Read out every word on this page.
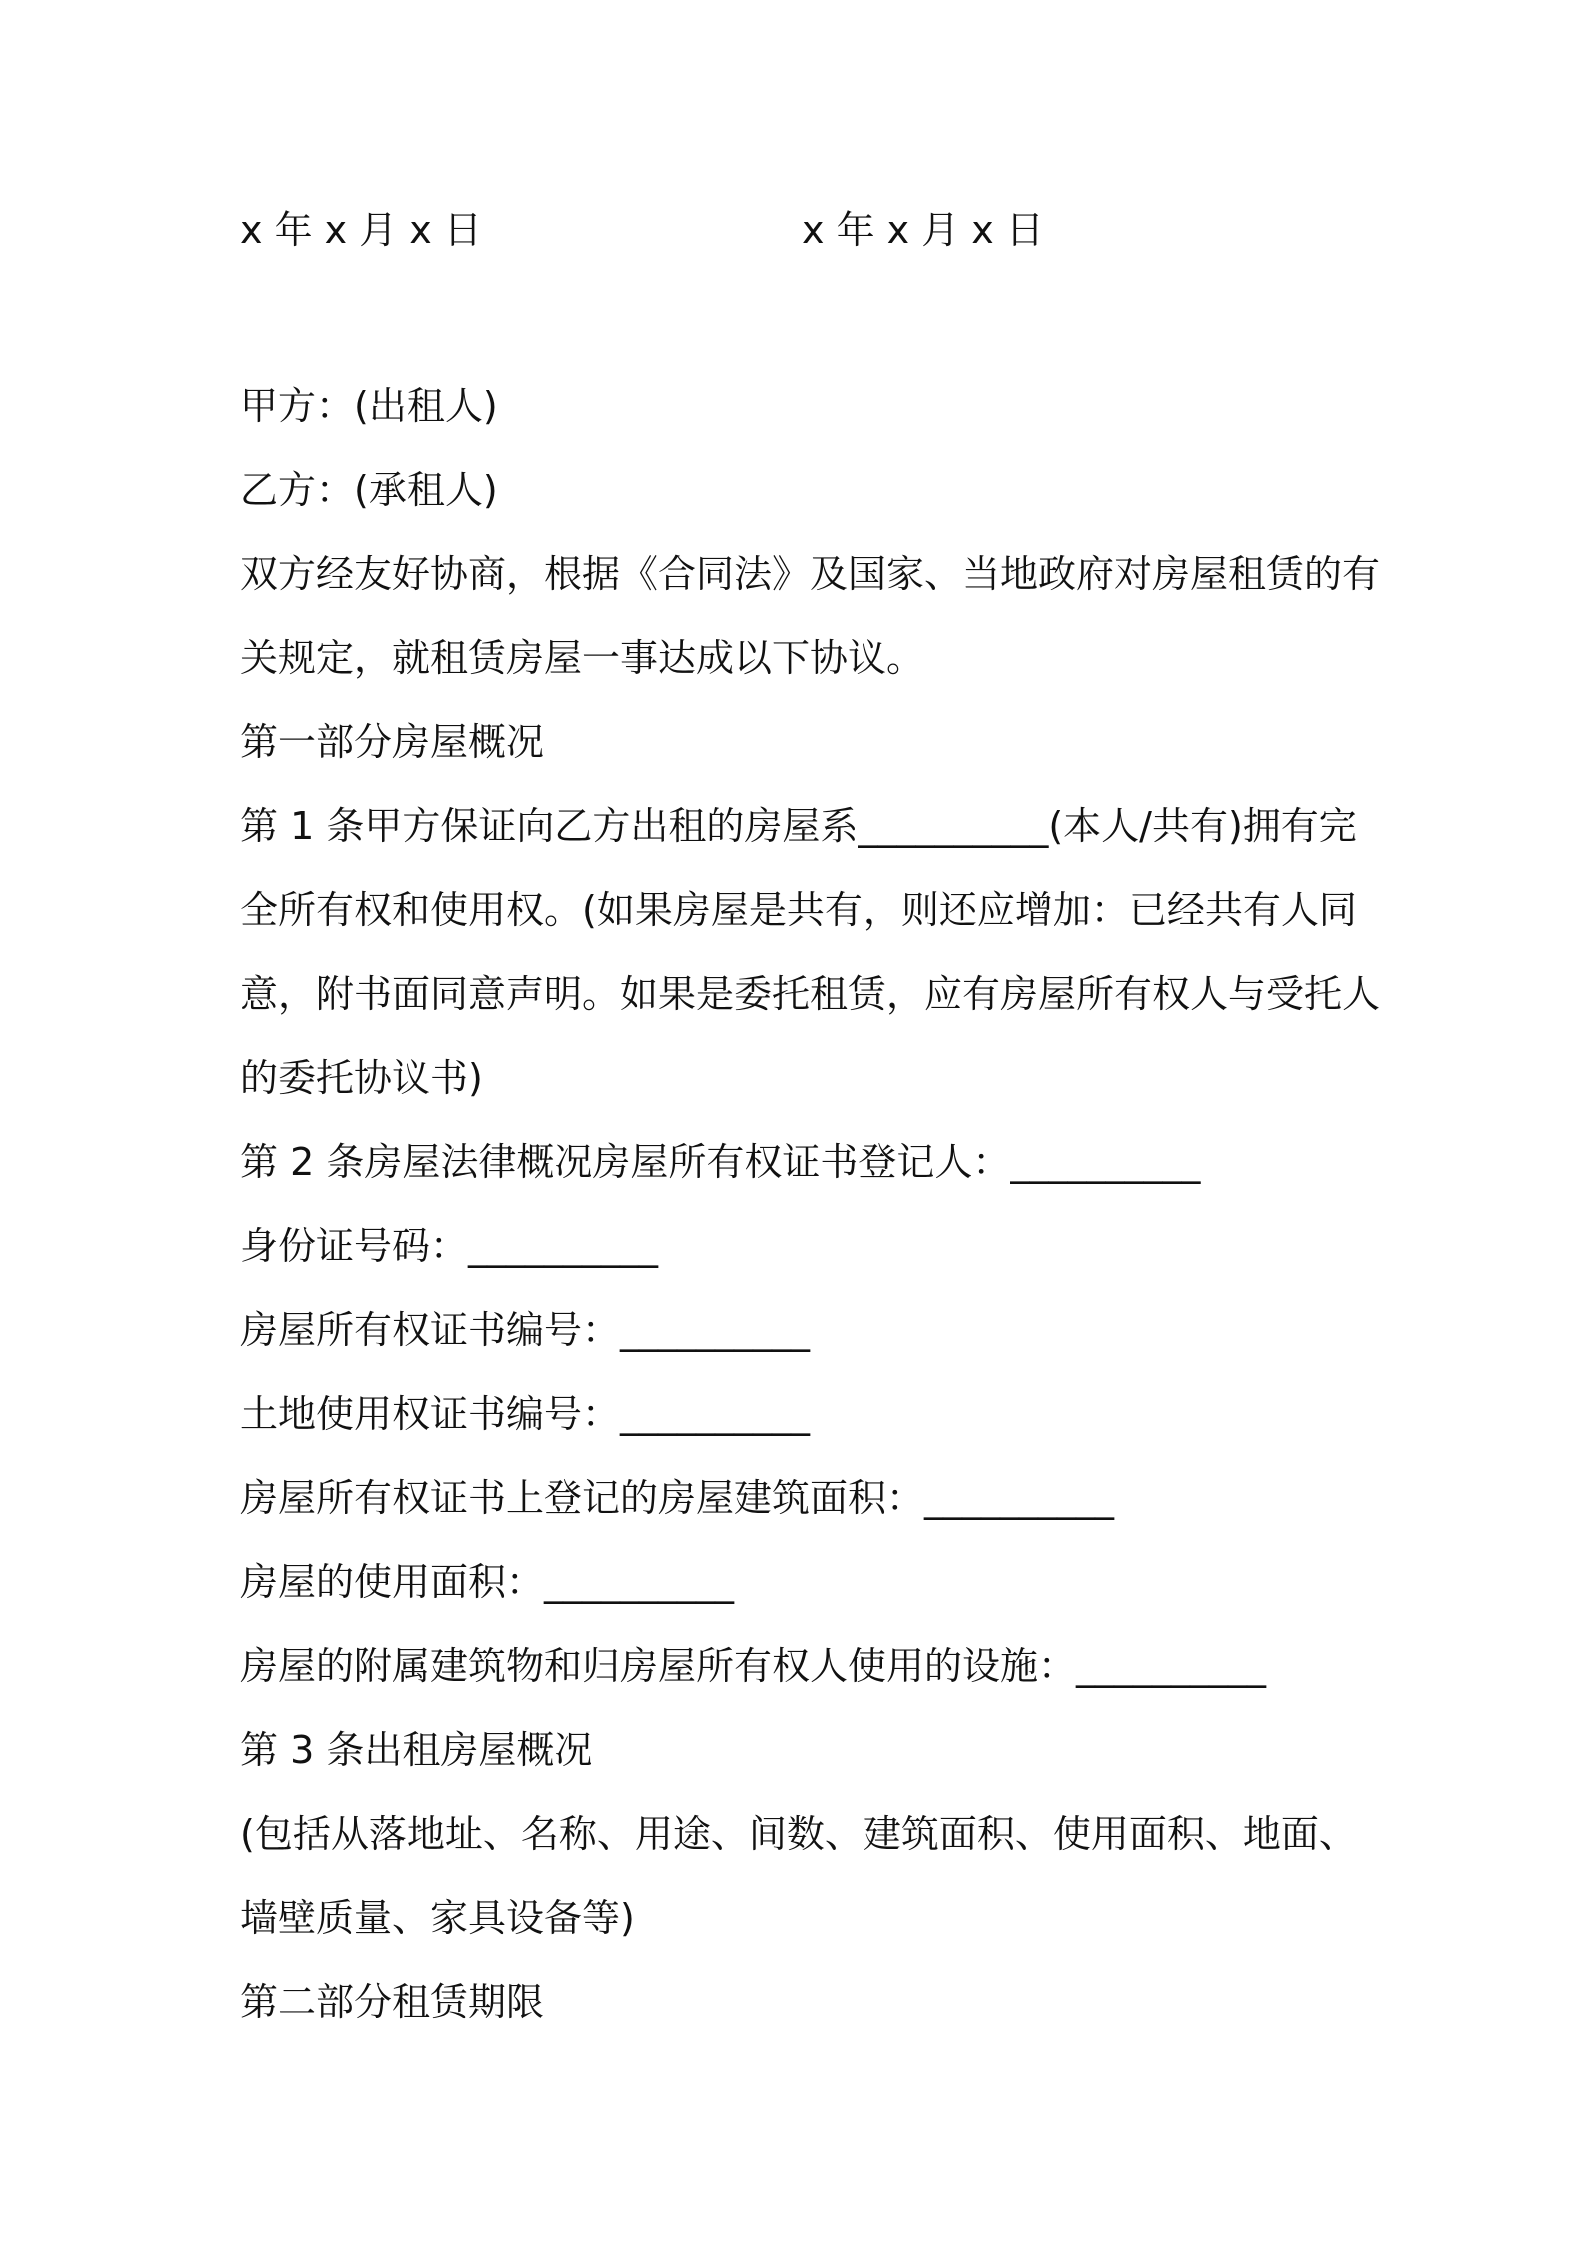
x 年 x 月 x 日	x 年 x 月 x 日
甲方：(出租人)
乙方：(承租人)
双方经友好协商，根据《合同法》及国家、当地政府对房屋租赁的有
关规定，就租赁房屋一事达成以下协议。
第一部分房屋概况
第 1 条甲方保证向乙方出租的房屋系__________(本人/共有)拥有完
全所有权和使用权。(如果房屋是共有，则还应增加：已经共有人同
意，附书面同意声明。如果是委托租赁，应有房屋所有权人与受托人
的委托协议书)
第 2 条房屋法律概况房屋所有权证书登记人：__________
身份证号码：__________
房屋所有权证书编号：__________
土地使用权证书编号：__________
房屋所有权证书上登记的房屋建筑面积：__________
房屋的使用面积：__________
房屋的附属建筑物和归房屋所有权人使用的设施：__________
第 3 条出租房屋概况
(包括从落地址、名称、用途、间数、建筑面积、使用面积、地面、
墙壁质量、家具设备等)
第二部分租赁期限
